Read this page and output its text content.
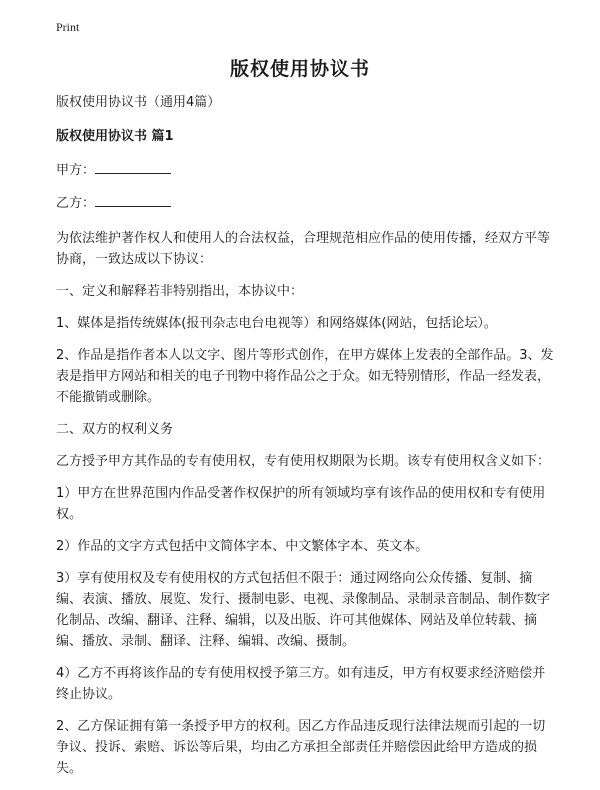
Print
版权使用协议书

版权使用协议书（通用4篇）

版权使用协议书 篇1

甲方：

乙方：

为依法维护著作权人和使用人的合法权益，合理规范相应作品的使用传播，经双方平等协商，一致达成以下协议：

一、定义和解释若非特别指出，本协议中：

1、媒体是指传统媒体(报刊杂志电台电视等）和网络媒体(网站，包括论坛）。

2、作品是指作者本人以文字、图片等形式创作，在甲方媒体上发表的全部作品。3、发表是指甲方网站和相关的电子刊物中将作品公之于众。如无特别情形，作品一经发表，不能撤销或删除。

二、双方的权利义务

乙方授予甲方其作品的专有使用权，专有使用权期限为长期。该专有使用权含义如下：

1）甲方在世界范围内作品受著作权保护的所有领域均享有该作品的使用权和专有使用权。

2）作品的文字方式包括中文简体字本、中文繁体字本、英文本。

3）享有使用权及专有使用权的方式包括但不限于：通过网络向公众传播、复制、摘编、表演、播放、展览、发行、摄制电影、电视、录像制品、录制录音制品、制作数字化制品、改编、翻译、注释、编辑，以及出版、许可其他媒体、网站及单位转载、摘编、播放、录制、翻译、注释、编辑、改编、摄制。

4）乙方不再将该作品的专有使用权授予第三方。如有违反，甲方有权要求经济赔偿并终止协议。

2、乙方保证拥有第一条授予甲方的权利。因乙方作品违反现行法律法规而引起的一切争议、投诉、索赔、诉讼等后果，均由乙方承担全部责任并赔偿因此给甲方造成的损失。
